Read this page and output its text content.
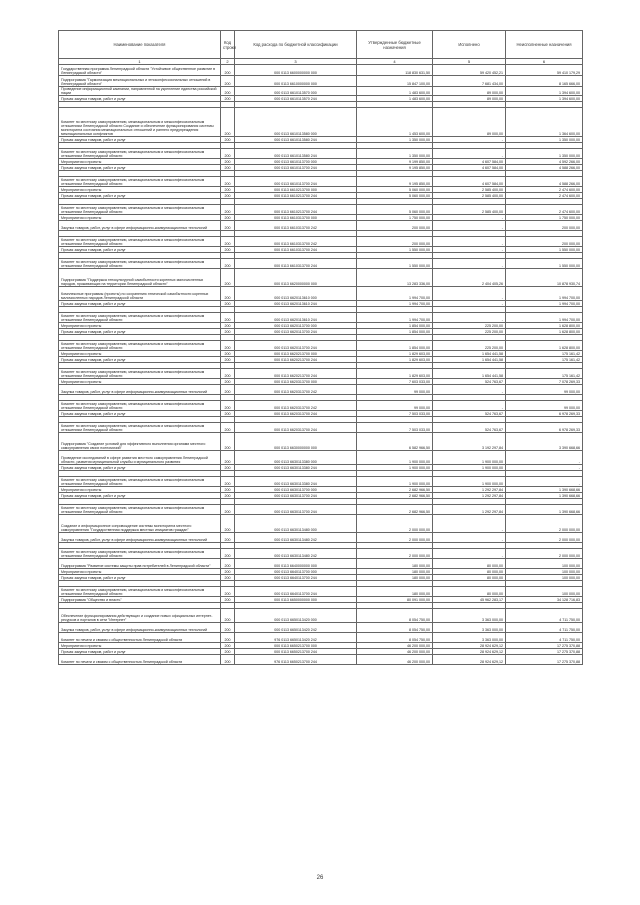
Наименование показателя	Код строки	Код расхода по бюджетной классификации	Утвержденные бюджетные назначения	Исполнено	Неисполненные назначения
1	2	3	4	5	6
Государственная программа Ленинградской области "Устойчивое общественное развитие в Ленинградской области"	200	000 0113 6600000000 000	118 830 631,50	59 420 452,21	59 410 179,29
Подпрограмма "Гармонизация межнациональных и этноконфессиональных отношений в Ленинградской области"	200	000 0113 6610000000 000	15 847 100,00	7 681 434,00	8 165 666,00
Проведение информационной кампании, направленной на укрепление единства российской нации	200	000 0113 6610113570 000	1 483 600,00	89 000,00	1 394 600,00
Прочая закупка товаров, работ и услуг	200	000 0113 6610113570 244	1 483 600,00	89 000,00	1 394 600,00

Комитет по местному самоуправлению, межнациональным и межконфессиональным отношениям Ленинградской области Создание и обеспечение функционирования системы мониторинга состояния межнациональных отношений и раннего предупреждения межнациональных конфликтов	200	000 0113 6610113580 000	1 453 600,00	89 000,00	1 364 600,00
Прочая закупка товаров, работ и услуг	200	000 0113 6610113580 244	1 350 000,00	-	1 350 000,00

Комитет по местному самоуправлению, межнациональным и межконфессиональным отношениям Ленинградской области	200	000 0113 6610113580 244	1 350 000,00	-	1 350 000,00
Мероприятия и проекты	200	000 0113 6610113700 000	9 199 850,00	4 607 584,00	4 592 266,00
Прочая закупка товаров, работ и услуг	200	000 0113 6610113700 244	9 195 850,00	4 607 584,00	4 588 266,00

Комитет по местному самоуправлению, межнациональным и межконфессиональным отношениям Ленинградской области	200	000 0113 6610113700 244	9 195 850,00	4 607 584,00	4 588 266,00
Мероприятия и проекты	200	000 0113 6610213700 000	5 060 000,00	2 585 400,00	2 474 600,00
Прочая закупка товаров, работ и услуг	200	000 0113 6610213700 244	5 060 000,00	2 585 400,00	2 474 600,00

Комитет по местному самоуправлению, межнациональным и межконфессиональным отношениям Ленинградской области	200	000 0113 6610213700 244	5 060 000,00	2 585 400,00	2 474 600,00
Мероприятия и проекты	200	000 0113 6610313700 000	1 750 000,00	-	1 750 000,00
Закупка товаров, работ, услуг в сфере информационно-коммуникационных технологий	200	000 0113 6610313700 242	200 000,00	-	200 000,00

Комитет по местному самоуправлению, межнациональным и межконфессиональным отношениям Ленинградской области	200	000 0113 6610313700 242	200 000,00	-	200 000,00
Прочая закупка товаров, работ и услуг	200	000 0113 6610313700 244	1 550 000,00	-	1 550 000,00

Комитет по местному самоуправлению, межнациональным и межконфессиональным отношениям Ленинградской области	200	000 0113 6610313700 244	1 550 000,00	-	1 550 000,00
Подпрограмма "Поддержка этнокультурной самобытности коренных малочисленных народов, проживающих на территории Ленинградской области"	200	000 0113 6620000000 000	13 283 336,00	2 404 405,26	10 878 930,74
Комплексные программы (проекты) по сохранению этнической самобытности коренных малочисленных народов Ленинградской области	200	000 0113 6620113610 000	1 994 700,00	-	1 994 700,00
Прочая закупка товаров, работ и услуг	200	000 0113 6620113610 244	1 994 700,00	-	1 994 700,00

Комитет по местному самоуправлению, межнациональным и межконфессиональным отношениям Ленинградской области	200	000 0113 6620113610 244	1 994 700,00	-	1 994 700,00
Мероприятия и проекты	200	000 0113 6620113700 000	1 854 000,00	225 200,00	1 628 800,00
Прочая закупка товаров, работ и услуг	200	000 0113 6620113700 244	1 854 000,00	225 200,00	1 628 800,00

Комитет по местному самоуправлению, межнациональным и межконфессиональным отношениям Ленинградской области	200	000 0113 6620113700 244	1 854 000,00	225 200,00	1 628 800,00
Мероприятия и проекты	200	000 0113 6620213700 000	1 829 603,00	1 654 441,58	175 161,42
Прочая закупка товаров, работ и услуг	200	000 0113 6620213700 244	1 829 603,00	1 654 441,58	175 161,42

Комитет по местному самоуправлению, межнациональным и межконфессиональным отношениям Ленинградской области	200	000 0113 6620213700 244	1 829 603,00	1 654 441,58	175 161,42
Мероприятия и проекты	200	000 0113 6620313700 000	7 603 033,00	524 763,67	7 078 269,33
Закупка товаров, работ, услуг в сфере информационно-коммуникационных технологий	200	000 0113 6620313700 242	99 000,00	-	99 000,00

Комитет по местному самоуправлению, межнациональным и межконфессиональным отношениям Ленинградской области	200	000 0113 6620313700 242	99 000,00	-	99 000,00
Прочая закупка товаров, работ и услуг	200	000 0113 6620313700 244	7 503 033,00	524 763,67	6 978 269,33

Комитет по местному самоуправлению, межнациональным и межконфессиональным отношениям Ленинградской области	200	000 0113 6620313700 244	7 503 033,00	524 763,67	6 978 269,33
Подпрограмма "Создание условий для эффективного выполнения органами местного самоуправления своих полномочий"	200	000 0113 6630000000 000	6 582 966,50	3 192 297,84	3 390 668,66
Проведение исследований в сфере развития местного самоуправления Ленинградской области, развития муниципальной службы и муниципального развития	200	000 0113 6630113380 000	1 900 000,00	1 900 000,00	-
Прочая закупка товаров, работ и услуг	200	000 0113 6630113380 244	1 900 000,00	1 900 000,00	-

Комитет по местному самоуправлению, межнациональным и межконфессиональным отношениям Ленинградской области	200	000 0113 6630113380 244	1 900 000,00	1 900 000,00	-
Мероприятия и проекты	200	000 0113 6630113700 000	2 682 966,50	1 292 297,84	1 390 668,66
Прочая закупка товаров, работ и услуг	200	000 0113 6630113700 244	2 682 966,50	1 292 297,84	1 390 668,66

Комитет по местному самоуправлению, межнациональным и межконфессиональным отношениям Ленинградской области	200	000 0113 6630113700 244	2 682 966,50	1 292 297,84	1 390 668,66
Создание и информационное сопровождение системы мониторинга местного самоуправления "Государственная поддержка местных инициатив граждан"	200	000 0113 6630113480 000	2 000 000,00	-	2 000 000,00
Закупка товаров, работ, услуг в сфере информационно-коммуникационных технологий	200	000 0113 6630113480 242	2 000 000,00	-	2 000 000,00

Комитет по местному самоуправлению, межнациональным и межконфессиональным отношениям Ленинградской области	200	000 0113 6630113480 242	2 000 000,00	-	2 000 000,00
Подпрограмма "Развитие системы защиты прав потребителей в Ленинградской области"	200	000 0113 6640000000 000	180 000,00	80 000,00	100 000,00
Мероприятия и проекты	200	000 0113 6640113700 000	180 000,00	80 000,00	100 000,00
Прочая закупка товаров, работ и услуг	200	000 0113 6640113700 244	180 000,00	80 000,00	100 000,00

Комитет по местному самоуправлению, межнациональным и межконфессиональным отношениям Ленинградской области	200	000 0113 6640113700 244	180 000,00	80 000,00	100 000,00
Подпрограмма "Общество и власть"	200	000 0113 6650000000 000	80 091 000,00	45 962 283,17	34 128 716,83

Обеспечение функционирования действующих и создание новых официальных интернет-ресурсов и порталов в сети "Интернет"	200	000 0113 6650113420 000	8 054 750,00	3 363 000,00	4 711 750,00
Закупка товаров, работ, услуг в сфере информационно-коммуникационных технологий	200	000 0113 6650113420 242	8 054 750,00	3 363 000,00	4 711 750,00
Комитет по печати и связям с общественностью Ленинградской области	200	976 0113 6650113420 242	8 054 750,00	3 363 000,00	4 711 750,00
Мероприятия и проекты	200	000 0113 6650213700 000	46 200 000,00	28 924 629,12	17 275 370,88
Прочая закупка товаров, работ и услуг	200	000 0113 6650213700 244	46 200 000,00	28 924 629,12	17 275 370,88
Комитет по печати и связям с общественностью Ленинградской области	200	976 0113 6650213700 244	46 200 000,00	28 924 629,12	17 275 370,88
26
